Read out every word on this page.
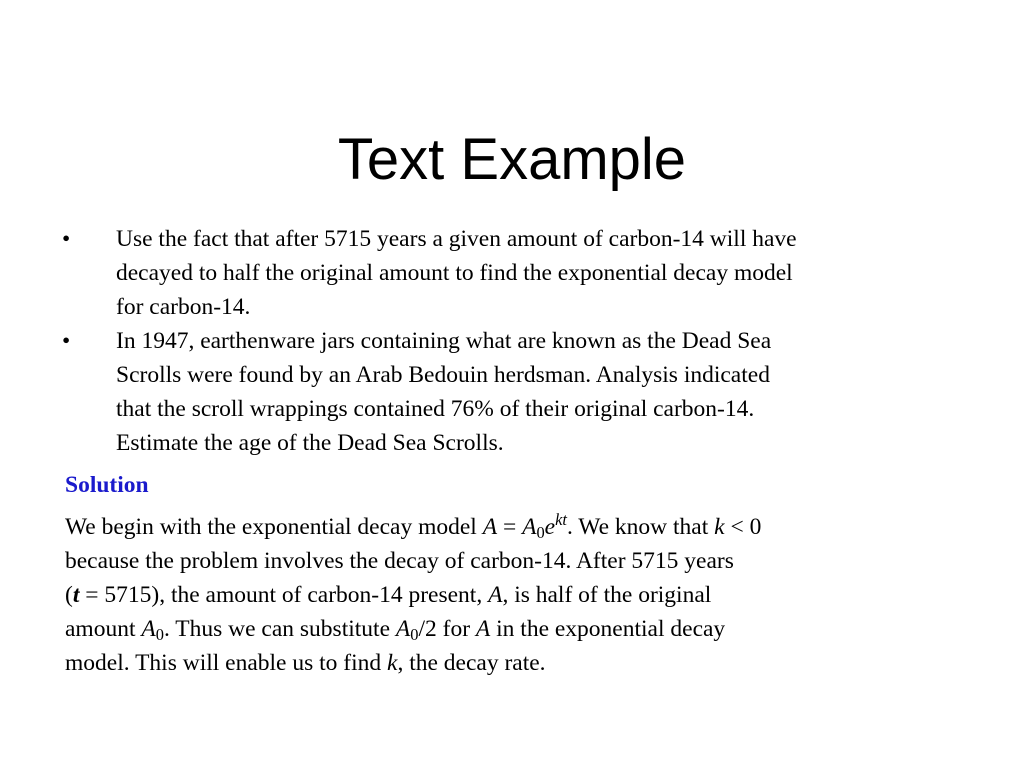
Text Example
• Use the fact that after 5715 years a given amount of carbon-14 will have
decayed to half the original amount to find the exponential decay model
for carbon-14.
• In 1947, earthenware jars containing what are known as the Dead Sea
Scrolls were found by an Arab Bedouin herdsman. Analysis indicated
that the scroll wrappings contained 76% of their original carbon-14.
Estimate the age of the Dead Sea Scrolls.

Solution

We begin with the exponential decay model $A = A_0e^{kt}$. We know that k < 0
because the problem involves the decay of carbon-14. After 5715 years
(t = 5715), the amount of carbon-14 present, A, is half of the original
amount $A_0$. Thus we can substitute $A_0/2$ for A in the exponential decay
model. This will enable us to find k, the decay rate.
